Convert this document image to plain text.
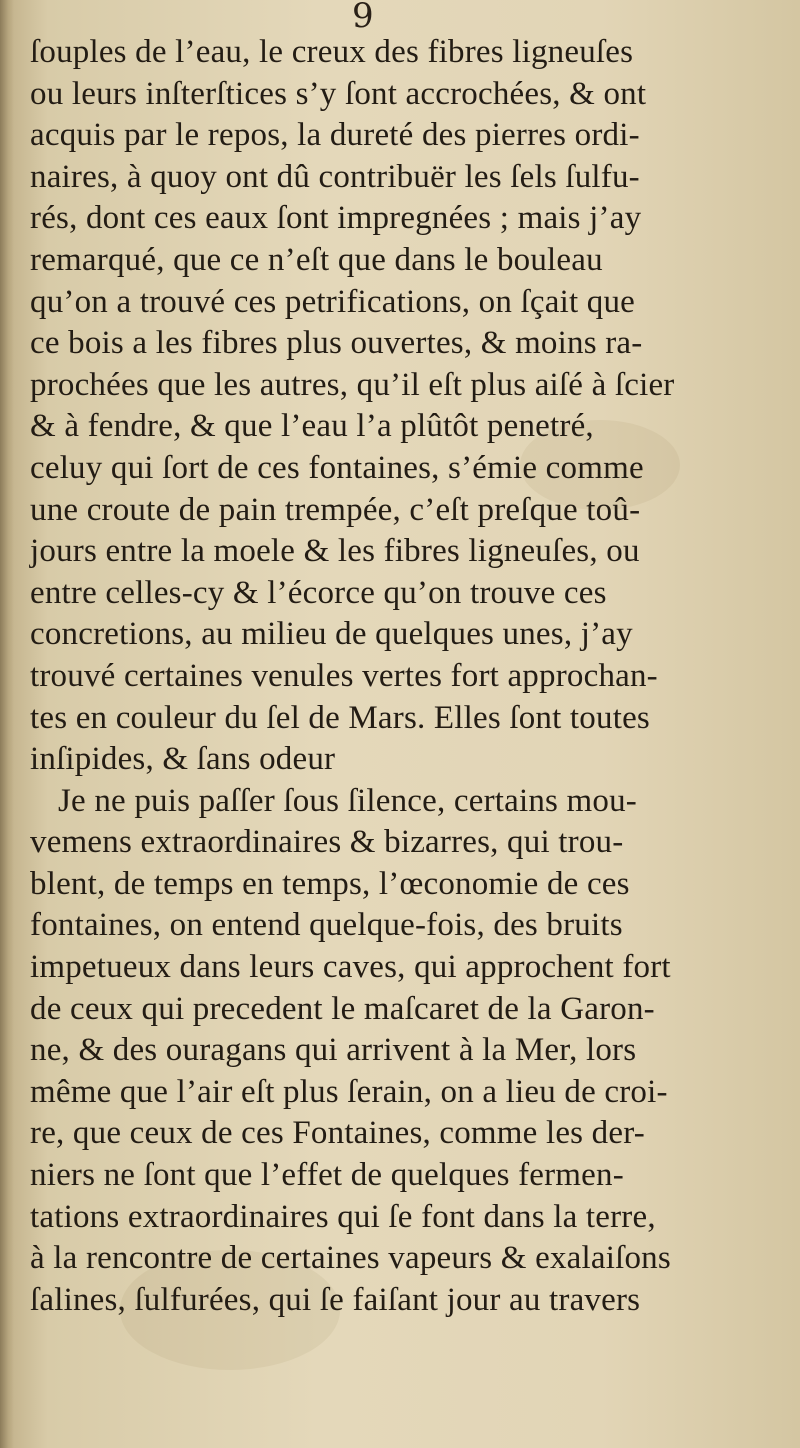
9
ſouples de l’eau, le creux des fibres ligneuſes
ou leurs inſterſtices s’y ſont accrochées, & ont
acquis par le repos, la dureté des pierres ordi-
naires, à quoy ont dû contribuër les ſels ſulfu-
rés, dont ces eaux ſont impregnées ; mais j’ay
remarqué, que ce n’eſt que dans le bouleau
qu’on a trouvé ces petrifications, on ſçait que
ce bois a les fibres plus ouvertes, & moins ra-
prochées que les autres, qu’il eſt plus aiſé à ſcier
& à fendre, & que l’eau l’a plûtôt penetré,
celuy qui ſort de ces fontaines, s’émie comme
une croute de pain trempée, c’eſt preſque toû-
jours entre la moele & les fibres ligneuſes, ou
entre celles-cy & l’écorce qu’on trouve ces
concretions, au milieu de quelques unes, j’ay
trouvé certaines venules vertes fort approchan-
tes en couleur du ſel de Mars. Elles ſont toutes
inſipides, & ſans odeur
Je ne puis paſſer ſous ſilence, certains mou-
vemens extraordinaires & bizarres, qui trou-
blent, de temps en temps, l’œconomie de ces
fontaines, on entend quelque-fois, des bruits
impetueux dans leurs caves, qui approchent fort
de ceux qui precedent le maſcaret de la Garon-
ne, & des ouragans qui arrivent à la Mer, lors
même que l’air eſt plus ſerain, on a lieu de croi-
re, que ceux de ces Fontaines, comme les der-
niers ne ſont que l’effet de quelques fermen-
tations extraordinaires qui ſe font dans la terre,
à la rencontre de certaines vapeurs & exalaiſons
ſalines, ſulfurées, qui ſe faiſant jour au travers
